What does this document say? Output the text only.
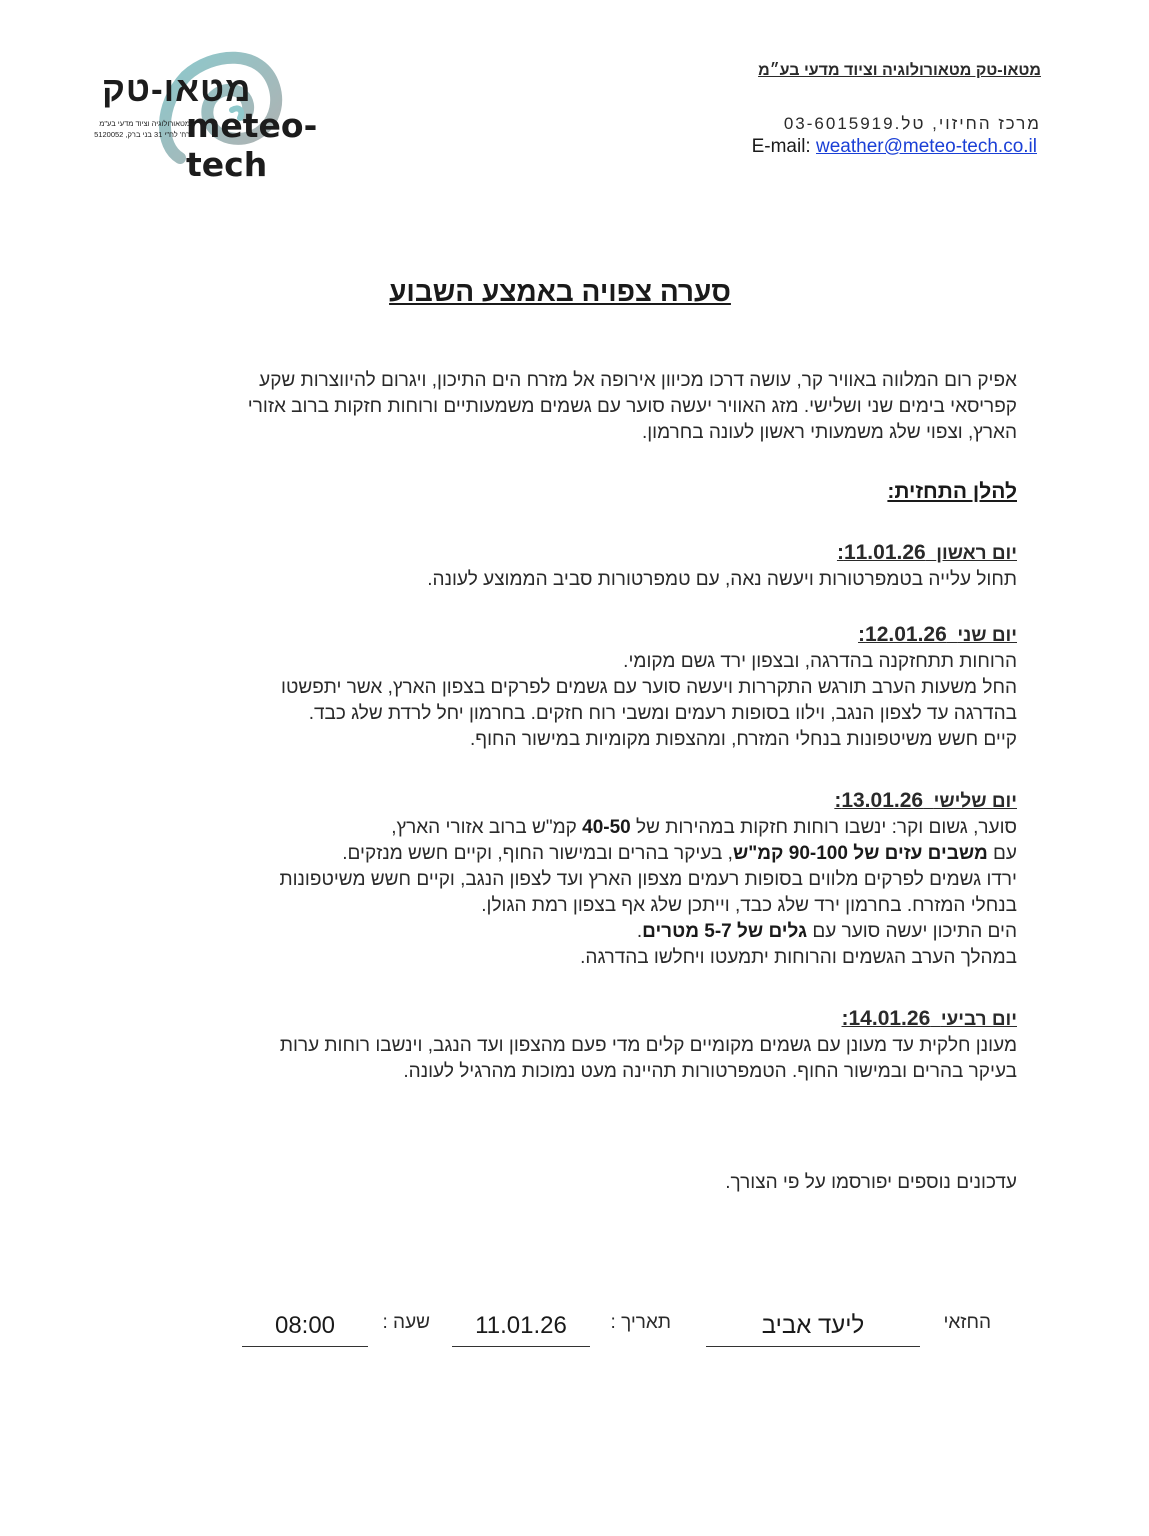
מטאו-טק מטאורולוגיה וציוד מדעי בע״מ
מרכז החיזוי, טל.03-6015919
E-mail: weather@meteo-tech.co.il
מטאו-טק
meteo-tech
מטאורולוגיה וציוד מדעי בע"מ
רח' לח"י 31 בני ברק, 5120052
סערה צפויה באמצע השבוע
אפיק רום המלווה באוויר קר, עושה דרכו מכיוון אירופה אל מזרח הים התיכון, ויגרום להיווצרות שקע
קפריסאי בימים שני ושלישי. מזג האוויר יעשה סוער עם גשמים משמעותיים ורוחות חזקות ברוב אזורי
הארץ, וצפוי שלג משמעותי ראשון לעונה בחרמון.
להלן התחזית:
יום ראשון  11.01.26:
תחול עלייה בטמפרטורות ויעשה נאה, עם טמפרטורות סביב הממוצע לעונה.
יום שני  12.01.26:
הרוחות תתחזקנה בהדרגה, ובצפון ירד גשם מקומי.
החל משעות הערב תורגש התקררות ויעשה סוער עם גשמים לפרקים בצפון הארץ, אשר יתפשטו
בהדרגה עד לצפון הנגב, וילוו בסופות רעמים ומשבי רוח חזקים. בחרמון יחל לרדת שלג כבד.
קיים חשש משיטפונות בנחלי המזרח, ומהצפות מקומיות במישור החוף.
יום שלישי  13.01.26:
סוער, גשום וקר: ינשבו רוחות חזקות במהירות של 40-50 קמ"ש ברוב אזורי הארץ,
עם משבים עזים של 90-100 קמ"ש, בעיקר בהרים ובמישור החוף, וקיים חשש מנזקים.
ירדו גשמים לפרקים מלווים בסופות רעמים מצפון הארץ ועד לצפון הנגב, וקיים חשש משיטפונות
בנחלי המזרח. בחרמון ירד שלג כבד, וייתכן שלג אף בצפון רמת הגולן.
הים התיכון יעשה סוער עם גלים של 5-7 מטרים.
במהלך הערב הגשמים והרוחות יתמעטו ויחלשו בהדרגה.
יום רביעי  14.01.26:
מעונן חלקית עד מעונן עם גשמים מקומיים קלים מדי פעם מהצפון ועד הנגב, וינשבו רוחות ערות
בעיקר בהרים ובמישור החוף. הטמפרטורות תהיינה מעט נמוכות מהרגיל לעונה.
עדכונים נוספים יפורסמו על פי הצורך.
החזאי
ליעד אביב
תאריך :
11.01.26
שעה :
08:00
